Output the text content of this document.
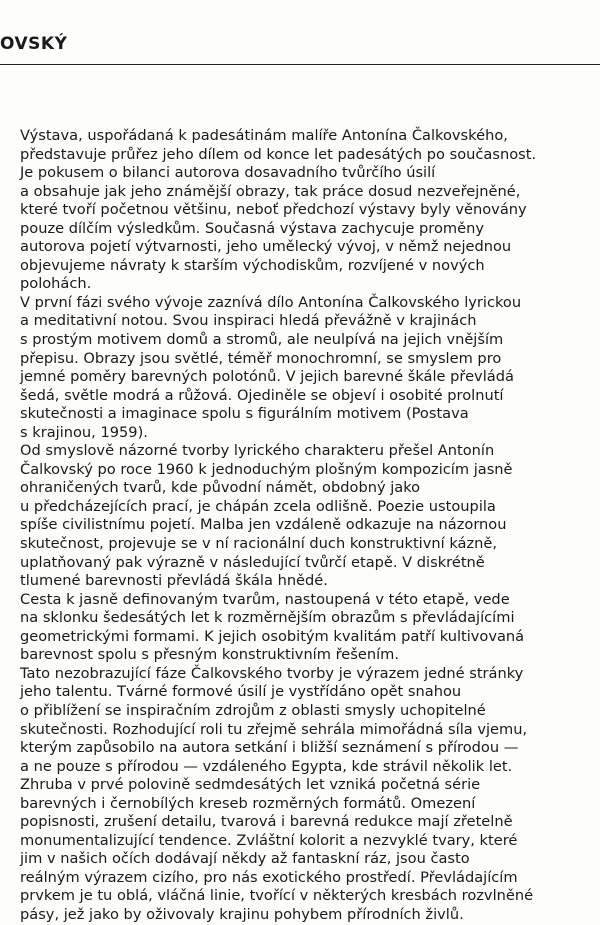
OVSKÝ
Výstava, uspořádaná k padesátinám malíře Antonína Čalkovského,
představuje průřez jeho dílem od konce let padesátých po současnost.
Je pokusem o bilanci autorova dosavadního tvůrčího úsilí
a obsahuje jak jeho známější obrazy, tak práce dosud nezveřejněné,
které tvoří početnou většinu, neboť předchozí výstavy byly věnovány
pouze dílčím výsledkům. Současná výstava zachycuje proměny
autorova pojetí výtvarnosti, jeho umělecký vývoj, v němž nejednou
objevujeme návraty k starším východiskům, rozvíjené v nových
polohách.
V první fázi svého vývoje zaznívá dílo Antonína Čalkovského lyrickou
a meditativní notou. Svou inspiraci hledá převážně v krajinách
s prostým motivem domů a stromů, ale neulpívá na jejich vnějším
přepisu. Obrazy jsou světlé, téměř monochromní, se smyslem pro
jemné poměry barevných polotónů. V jejich barevné škále převládá
šedá, světle modrá a růžová. Ojediněle se objeví i osobité prolnutí
skutečnosti a imaginace spolu s figurálním motivem (Postava
s krajinou, 1959).
Od smyslově názorné tvorby lyrického charakteru přešel Antonín
Čalkovský po roce 1960 k jednoduchým plošným kompozicím jasně
ohraničených tvarů, kde původní námět, obdobný jako
u předcházejících prací, je chápán zcela odlišně. Poezie ustoupila
spíše civilistnímu pojetí. Malba jen vzdáleně odkazuje na názornou
skutečnost, projevuje se v ní racionální duch konstruktivní kázně,
uplatňovaný pak výrazně v následující tvůrčí etapě. V diskrétně
tlumené barevnosti převládá škála hnědé.
Cesta k jasně definovaným tvarům, nastoupená v této etapě, vede
na sklonku šedesátých let k rozměrnějším obrazům s převládajícími
geometrickými formami. K jejich osobitým kvalitám patří kultivovaná
barevnost spolu s přesným konstruktivním řešením.
Tato nezobrazující fáze Čalkovského tvorby je výrazem jedné stránky
jeho talentu. Tvárné formové úsilí je vystřídáno opět snahou
o přiblížení se inspiračním zdrojům z oblasti smysly uchopitelné
skutečnosti. Rozhodující roli tu zřejmě sehrála mimořádná síla vjemu,
kterým zapůsobilo na autora setkání i bližší seznámení s přírodou —
a ne pouze s přírodou — vzdáleného Egypta, kde strávil několik let.
Zhruba v prvé polovině sedmdesátých let vzniká početná série
barevných i černobílých kreseb rozměrných formátů. Omezení
popisnosti, zrušení detailu, tvarová i barevná redukce mají zřetelně
monumentalizující tendence. Zvláštní kolorit a nezvyklé tvary, které
jim v našich očích dodávají někdy až fantaskní ráz, jsou často
reálným výrazem cizího, pro nás exotického prostředí. Převládajícím
prvkem je tu oblá, vláčná linie, tvořící v některých kresbách rozvlněné
pásy, jež jako by oživovaly krajinu pohybem přírodních živlů.
